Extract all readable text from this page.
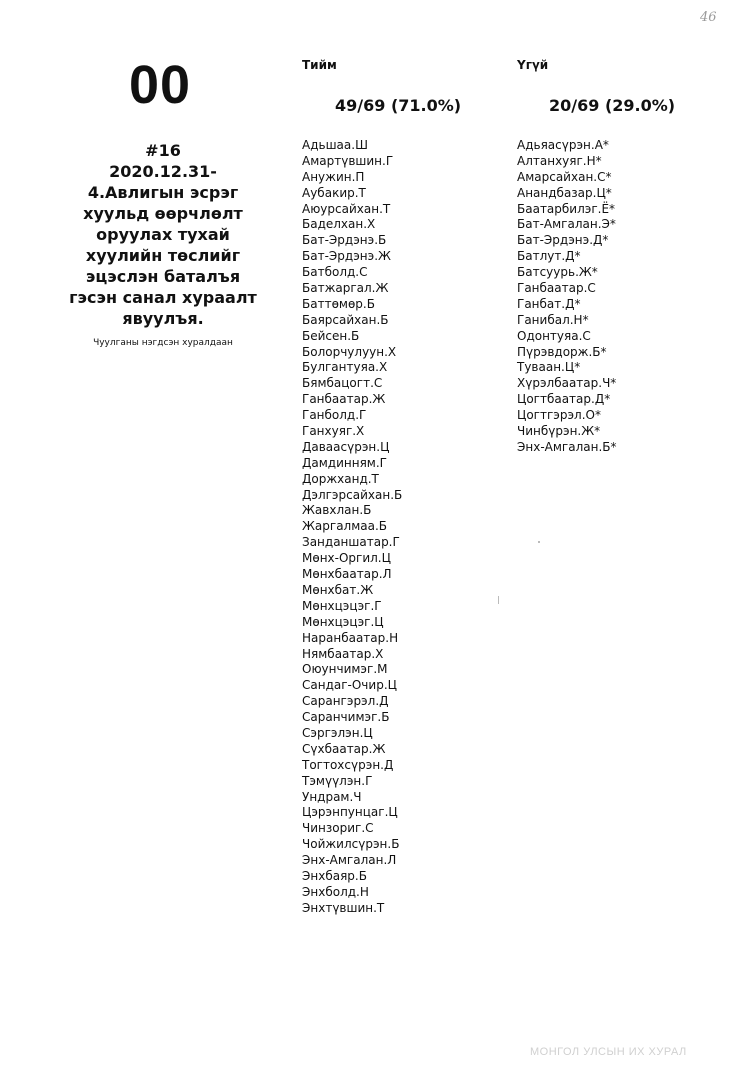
46
00
#16
2020.12.31-4.Авлигын эсрэг хуульд өөрчлөлт оруулах тухай хуулийн төслийг эцэслэн баталъя гэсэн санал хураалт явуулъя.
Чуулганы нэгдсэн хуралдаан
Тийм
49/69 (71.0%)
Адьшаа.Ш
Амартүвшин.Г
Анужин.П
Аубакир.Т
Аюурсайхан.Т
Баделхан.Х
Бат-Эрдэнэ.Б
Бат-Эрдэнэ.Ж
Батболд.С
Батжаргал.Ж
Баттөмөр.Б
Баярсайхан.Б
Бейсен.Б
Болорчулуун.Х
Булгантуяа.Х
Бямбацогт.С
Ганбаатар.Ж
Ганболд.Г
Ганхуяг.Х
Даваасүрэн.Ц
Дамдинням.Г
Доржханд.Т
Дэлгэрсайхан.Б
Жавхлан.Б
Жаргалмаа.Б
Занданшатар.Г
Мөнх-Оргил.Ц
Мөнхбаатар.Л
Мөнхбат.Ж
Мөнхцэцэг.Г
Мөнхцэцэг.Ц
Наранбаатар.Н
Нямбаатар.Х
Оюунчимэг.М
Сандаг-Очир.Ц
Сарангэрэл.Д
Саранчимэг.Б
Сэргэлэн.Ц
Сүхбаатар.Ж
Тогтохсүрэн.Д
Тэмүүлэн.Г
Ундрам.Ч
Цэрэнпунцаг.Ц
Чинзориг.С
Чойжилсүрэн.Б
Энх-Амгалан.Л
Энхбаяр.Б
Энхболд.Н
Энхтүвшин.Т
Үгүй
20/69 (29.0%)
Адьяасүрэн.А*
Алтанхуяг.Н*
Амарсайхан.С*
Анандбазар.Ц*
Баатарбилэг.Ё*
Бат-Амгалан.Э*
Бат-Эрдэнэ.Д*
Батлут.Д*
Батсуурь.Ж*
Ганбаатар.С
Ганбат.Д*
Ганибал.Н*
Одонтуяа.С
Пүрэвдорж.Б*
Туваан.Ц*
Хүрэлбаатар.Ч*
Цогтбаатар.Д*
Цогтгэрэл.О*
Чинбүрэн.Ж*
Энх-Амгалан.Б*
МОНГОЛ УЛСЫН ИХ ХУРАЛ
